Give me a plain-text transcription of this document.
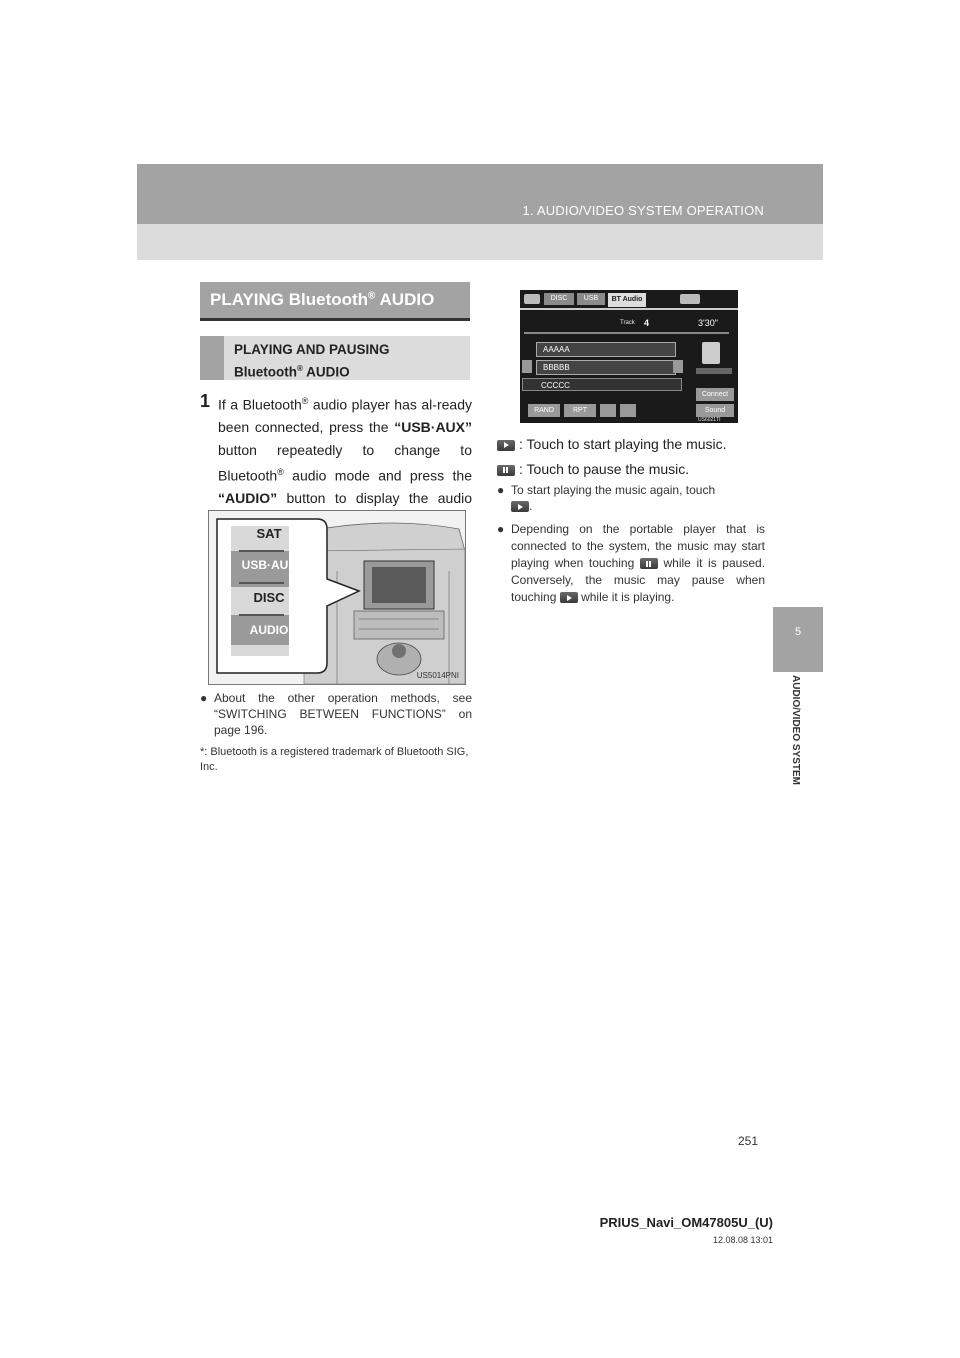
1. AUDIO/VIDEO SYSTEM OPERATION
5
AUDIO/VIDEO SYSTEM
PLAYING Bluetooth® AUDIO
PLAYING AND PAUSING
Bluetooth® AUDIO
1 If a Bluetooth® audio player has al-ready been connected, press the “USB·AUX” button repeatedly to change to Bluetooth® audio mode and press the “AUDIO” button to display the audio
SAT
USB·AUX
DISC
AUDIO
US5014PNI
● About the other operation methods, see “SWITCHING BETWEEN FUNCTIONS” on page 196.
*: Bluetooth is a registered trademark of Bluetooth SIG, Inc.
DISC	USB	BT Audio
Track 4	3'30"
AAAAA
BBBBB
CCCCC
Connect
Sound
RAND	RPT
US6021TI
: Touch to start playing the music.
: Touch to pause the music.
● To start playing the music again, touch
.
● Depending on the portable player that is connected to the system, the music may start playing when touching while it is paused. Conversely, the music may pause when touching while it is playing.
251
PRIUS_Navi_OM47805U_(U)
12.08.08 13:01
